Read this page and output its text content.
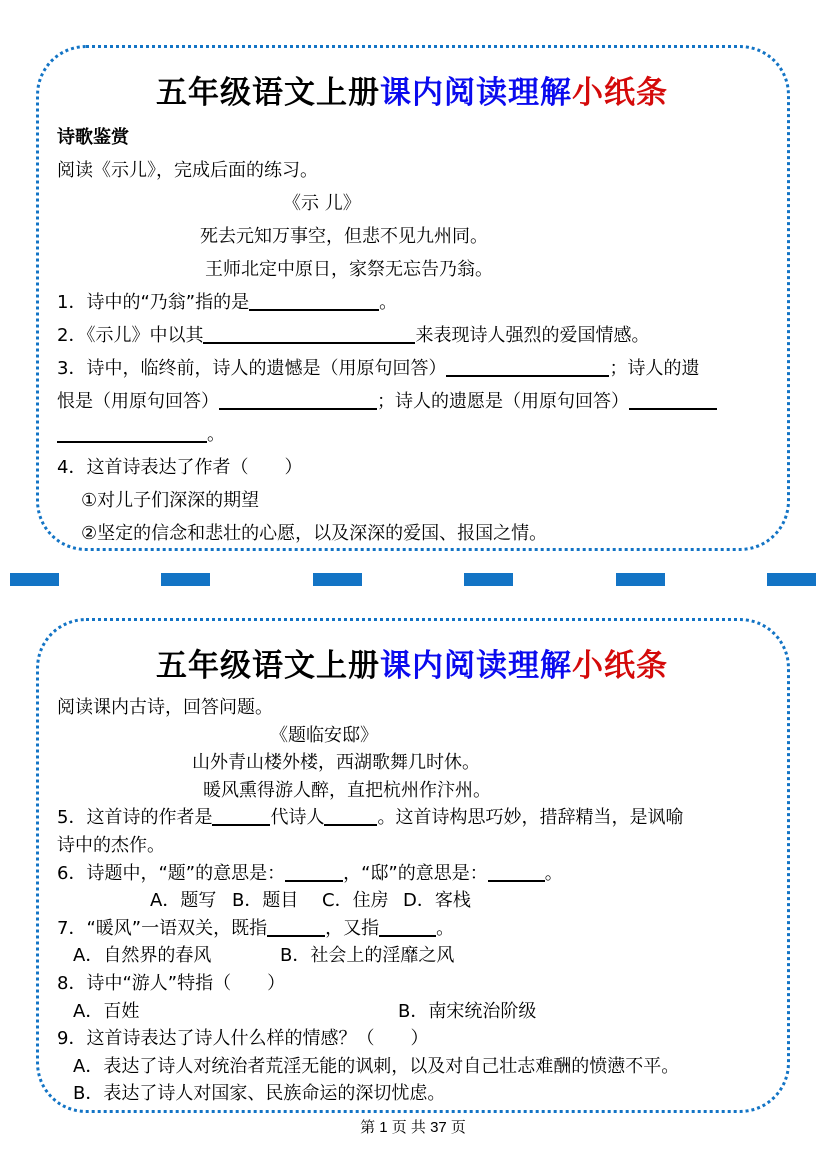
五年级语文上册课内阅读理解小纸条
诗歌鉴赏
阅读《示儿》，完成后面的练习。
《示 儿》
死去元知万事空，但悲不见九州同。
王师北定中原日，家祭无忘告乃翁。
1．诗中的“乃翁”指的是	。
2．《示儿》中以其	来表现诗人强烈的爱国情感。
3．诗中，临终前，诗人的遗憾是（用原句回答）	；诗人的遗
恨是（用原句回答）	；诗人的遗愿是（用原句回答）
。
4．这首诗表达了作者（　　）
①对儿子们深深的期望
②坚定的信念和悲壮的心愿，以及深深的爱国、报国之情。
五年级语文上册课内阅读理解小纸条
阅读课内古诗，回答问题。
《题临安邸》
山外青山楼外楼，西湖歌舞几时休。
暖风熏得游人醉，直把杭州作汴州。
5．这首诗的作者是	代诗人	。这首诗构思巧妙，措辞精当，是讽喻
诗中的杰作。
6．诗题中，“题”的意思是：	，“邸”的意思是：	。
A．题写 B．题目 C．住房 D．客栈
7．“暖风”一语双关，既指	，又指	。
A．自然界的春风	B．社会上的淫靡之风
8．诗中“游人”特指（　　）
A．百姓	B．南宋统治阶级
9．这首诗表达了诗人什么样的情感？（　　）
A．表达了诗人对统治者荒淫无能的讽刺，以及对自己壮志难酬的愤懑不平。
B．表达了诗人对国家、民族命运的深切忧虑。
第 1 页 共 37 页
